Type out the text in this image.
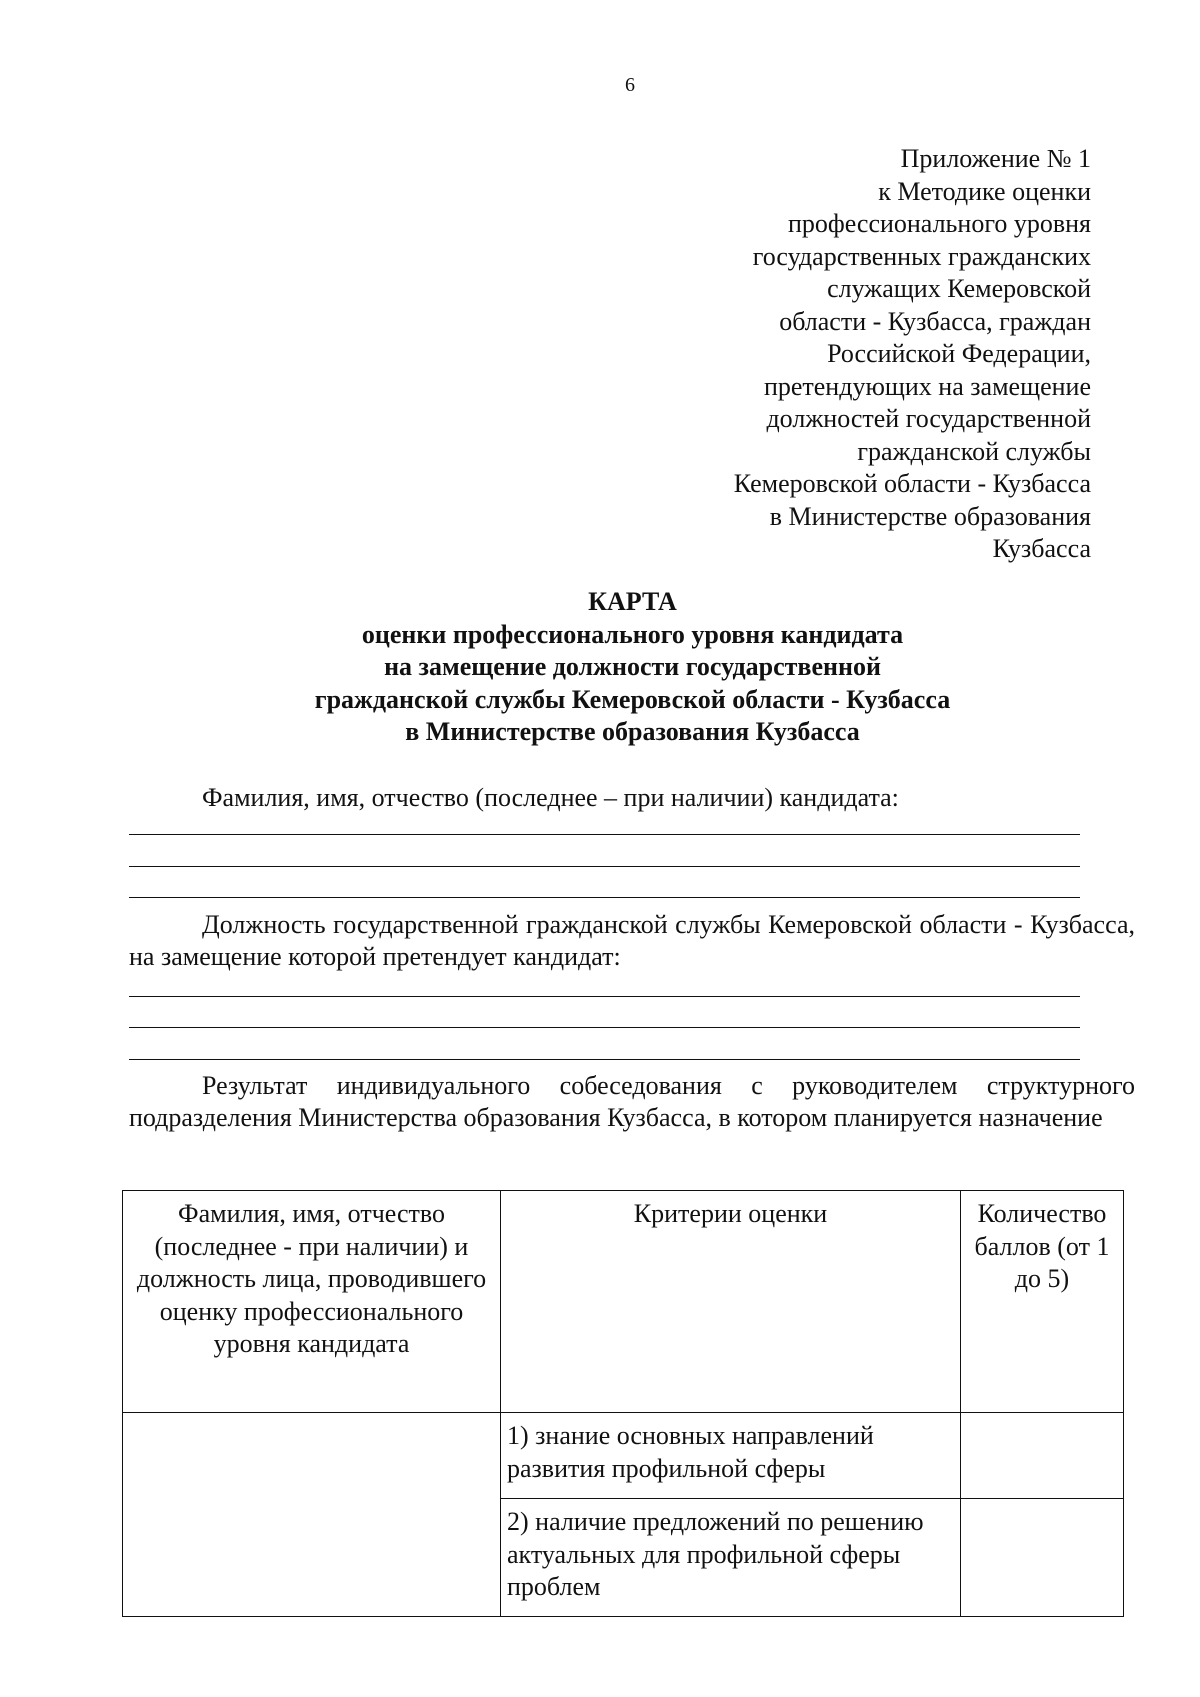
6
Приложение № 1
к Методике оценки
профессионального уровня
государственных гражданских
служащих Кемеровской
области - Кузбасса, граждан
Российской Федерации,
претендующих на замещение
должностей государственной
гражданской службы
Кемеровской области - Кузбасса
в Министерстве образования
Кузбасса
КАРТА
оценки профессионального уровня кандидата
на замещение должности государственной
гражданской службы Кемеровской области - Кузбасса
в Министерстве образования Кузбасса
Фамилия, имя, отчество (последнее – при наличии) кандидата:
Должность государственной гражданской службы Кемеровской области - Кузбасса, на замещение которой претендует кандидат:
Результат индивидуального собеседования с руководителем структурного подразделения Министерства образования Кузбасса, в котором планируется назначение
Фамилия, имя, отчество (последнее - при наличии) и должность лица, проводившего оценку профессионального уровня кандидата	Критерии оценки	Количество баллов (от 1 до 5)
	1) знание основных направлений развития профильной сферы	
	2) наличие предложений по решению актуальных для профильной сферы проблем	
